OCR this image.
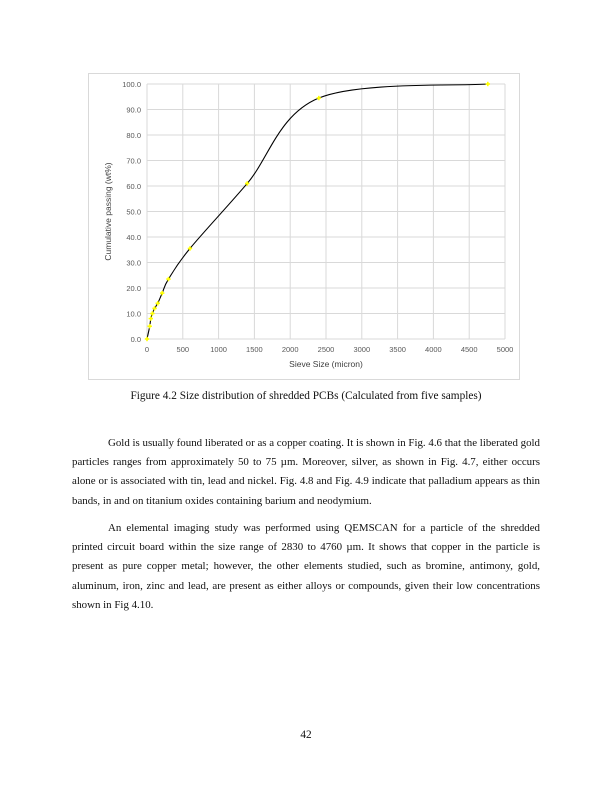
0.0
10.0
20.0
30.0
40.0
50.0
60.0
70.0
80.0
90.0
100.0
0	500	1000	1500	2000	2500	3000	3500	4000	4500	5000
Sieve Size (micron)
Cumulative passing (wt%)
Figure 4.2 Size distribution of shredded PCBs (Calculated from five samples)
Gold is usually found liberated or as a copper coating. It is shown in Fig. 4.6 that the liberated gold particles ranges from approximately 50 to 75 µm. Moreover, silver, as shown in Fig. 4.7, either occurs alone or is associated with tin, lead and nickel. Fig. 4.8 and Fig. 4.9 indicate that palladium appears as thin bands, in and on titanium oxides containing barium and neodymium.
An elemental imaging study was performed using QEMSCAN for a particle of the shredded printed circuit board within the size range of 2830 to 4760 µm. It shows that copper in the particle is present as pure copper metal; however, the other elements studied, such as bromine, antimony, gold, aluminum, iron, zinc and lead, are present as either alloys or compounds, given their low concentrations shown in Fig 4.10.
42
